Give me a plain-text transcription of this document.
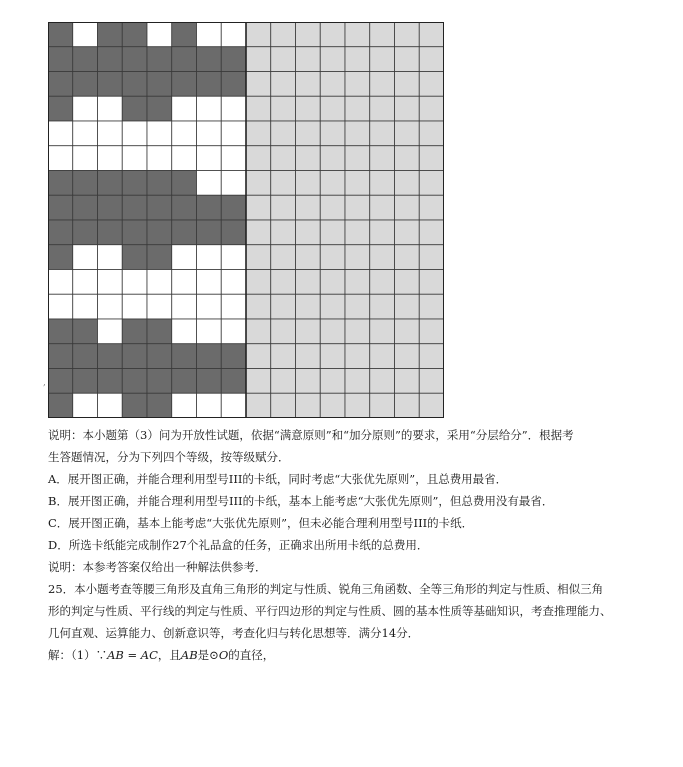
,
说明：本小题第（3）问为开放性试题，依据“满意原则”和“加分原则”的要求，采用“分层给分”．根据考
生答题情况，分为下列四个等级，按等级赋分．
A．展开图正确，并能合理利用型号III的卡纸，同时考虑“大张优先原则”，且总费用最省．
B．展开图正确，并能合理利用型号III的卡纸，基本上能考虑“大张优先原则”，但总费用没有最省．
C．展开图正确，基本上能考虑“大张优先原则”，但未必能合理利用型号III的卡纸．
D．所选卡纸能完成制作27个礼品盒的任务，正确求出所用卡纸的总费用．
说明：本参考答案仅给出一种解法供参考．
25．本小题考查等腰三角形及直角三角形的判定与性质、锐角三角函数、全等三角形的判定与性质、相似三角
形的判定与性质、平行线的判定与性质、平行四边形的判定与性质、圆的基本性质等基础知识，考查推理能力、
几何直观、运算能力、创新意识等，考查化归与转化思想等．满分14分．
解：（1）∵AB = AC，且AB是⊙O的直径，
